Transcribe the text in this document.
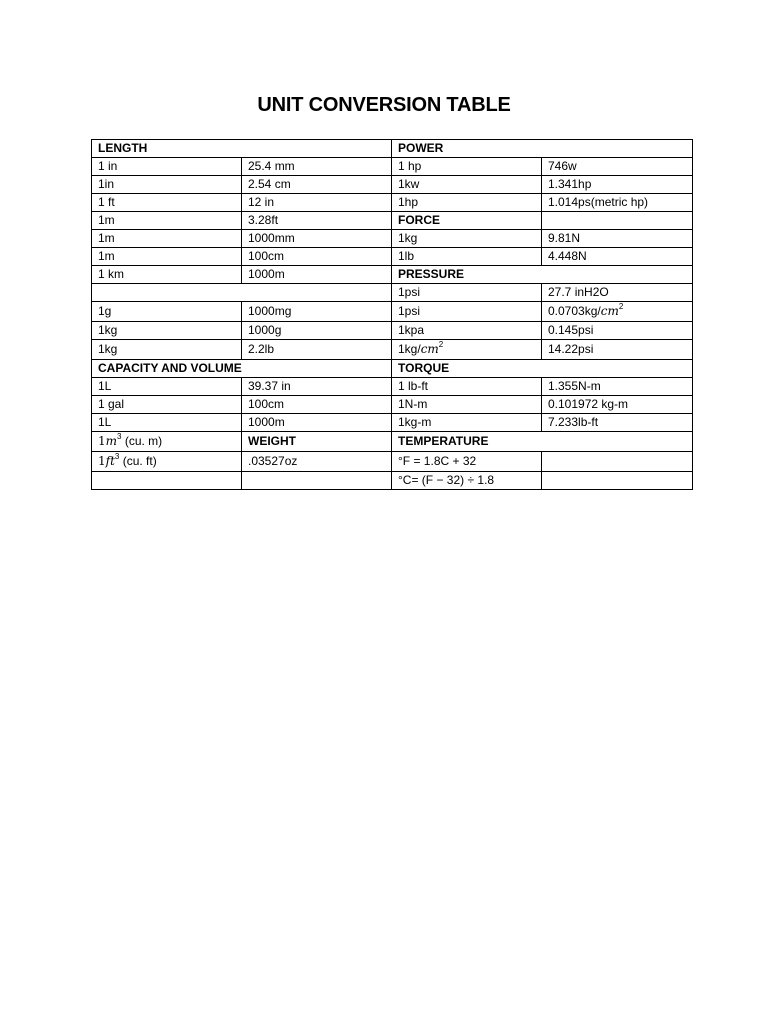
UNIT CONVERSION TABLE
LENGTH		POWER	
1 in	25.4 mm	1 hp	746w
1in	2.54 cm	1kw	1.341hp
1 ft	12 in	1hp	1.014ps(metric hp)
1m	3.28ft	FORCE	
1m	1000mm	1kg	9.81N
1m	100cm	1lb	4.448N
1 km	1000m	PRESSURE	
		1psi	27.7 inH2O
1g	1000mg	1psi	$0.0703kg/cm^2$
1kg	1000g	1kpa	0.145psi
1kg	2.2lb	$1kg/cm^2$	14.22psi
CAPACITY AND VOLUME		TORQUE	
1L	39.37 in	1 lb-ft	1.355N-m
1 gal	100cm	1N-m	0.101972 kg-m
1L	1000m	1kg-m	7.233lb-ft
$1m^3$ (cu. m)	WEIGHT	TEMPERATURE	
$1ft^3$ (cu. ft)	.03527oz	°F = 1.8C + 32	
		°C= (F − 32) ÷ 1.8	
